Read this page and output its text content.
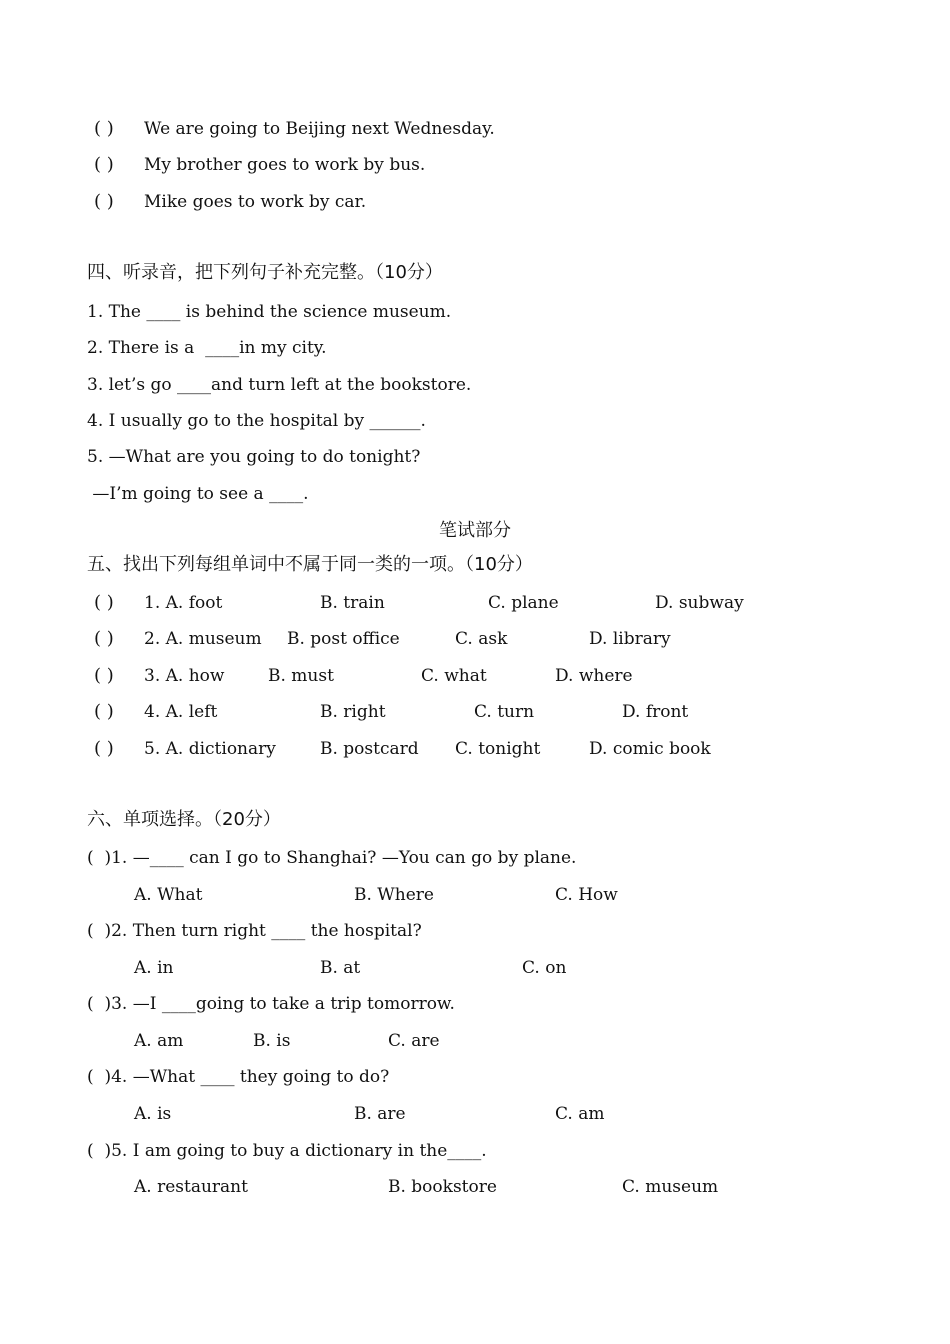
( ) We are going to Beijing next Wednesday.
( ) My brother goes to work by bus.
( ) Mike goes to work by car.
四、听录音，把下列句子补充完整。（10分）
1. The ____ is behind the science museum.
2. There is a  ____in my city.
3. let’s go ____and turn left at the bookstore.
4. I usually go to the hospital by ______.
5. —What are you going to do tonight?
—I’m going to see a ____.
笔试部分
五、找出下列每组单词中不属于同一类的一项。（10分）
( ) 1. A. foot	B. train	C. plane	D. subway
( ) 2. A. museum B. post office	C. ask	D. library
( ) 3. A. how	B. must	C. what	D. where
( ) 4. A. left	B. right	C. turn	D. front
( ) 5. A. dictionary	B. postcard C. tonight	D. comic book
六、单项选择。（20分）
(  )1. —____ can I go to Shanghai? —You can go by plane.
A. What	B. Where	C. How
(  )2. Then turn right ____ the hospital?
A. in	B. at	C. on
(  )3. —I ____going to take a trip tomorrow.
A. am	B. is	C. are
(  )4. —What ____ they going to do?
A. is	B. are	C. am
(  )5. I am going to buy a dictionary in the____.
A. restaurant	B. bookstore	C. museum
